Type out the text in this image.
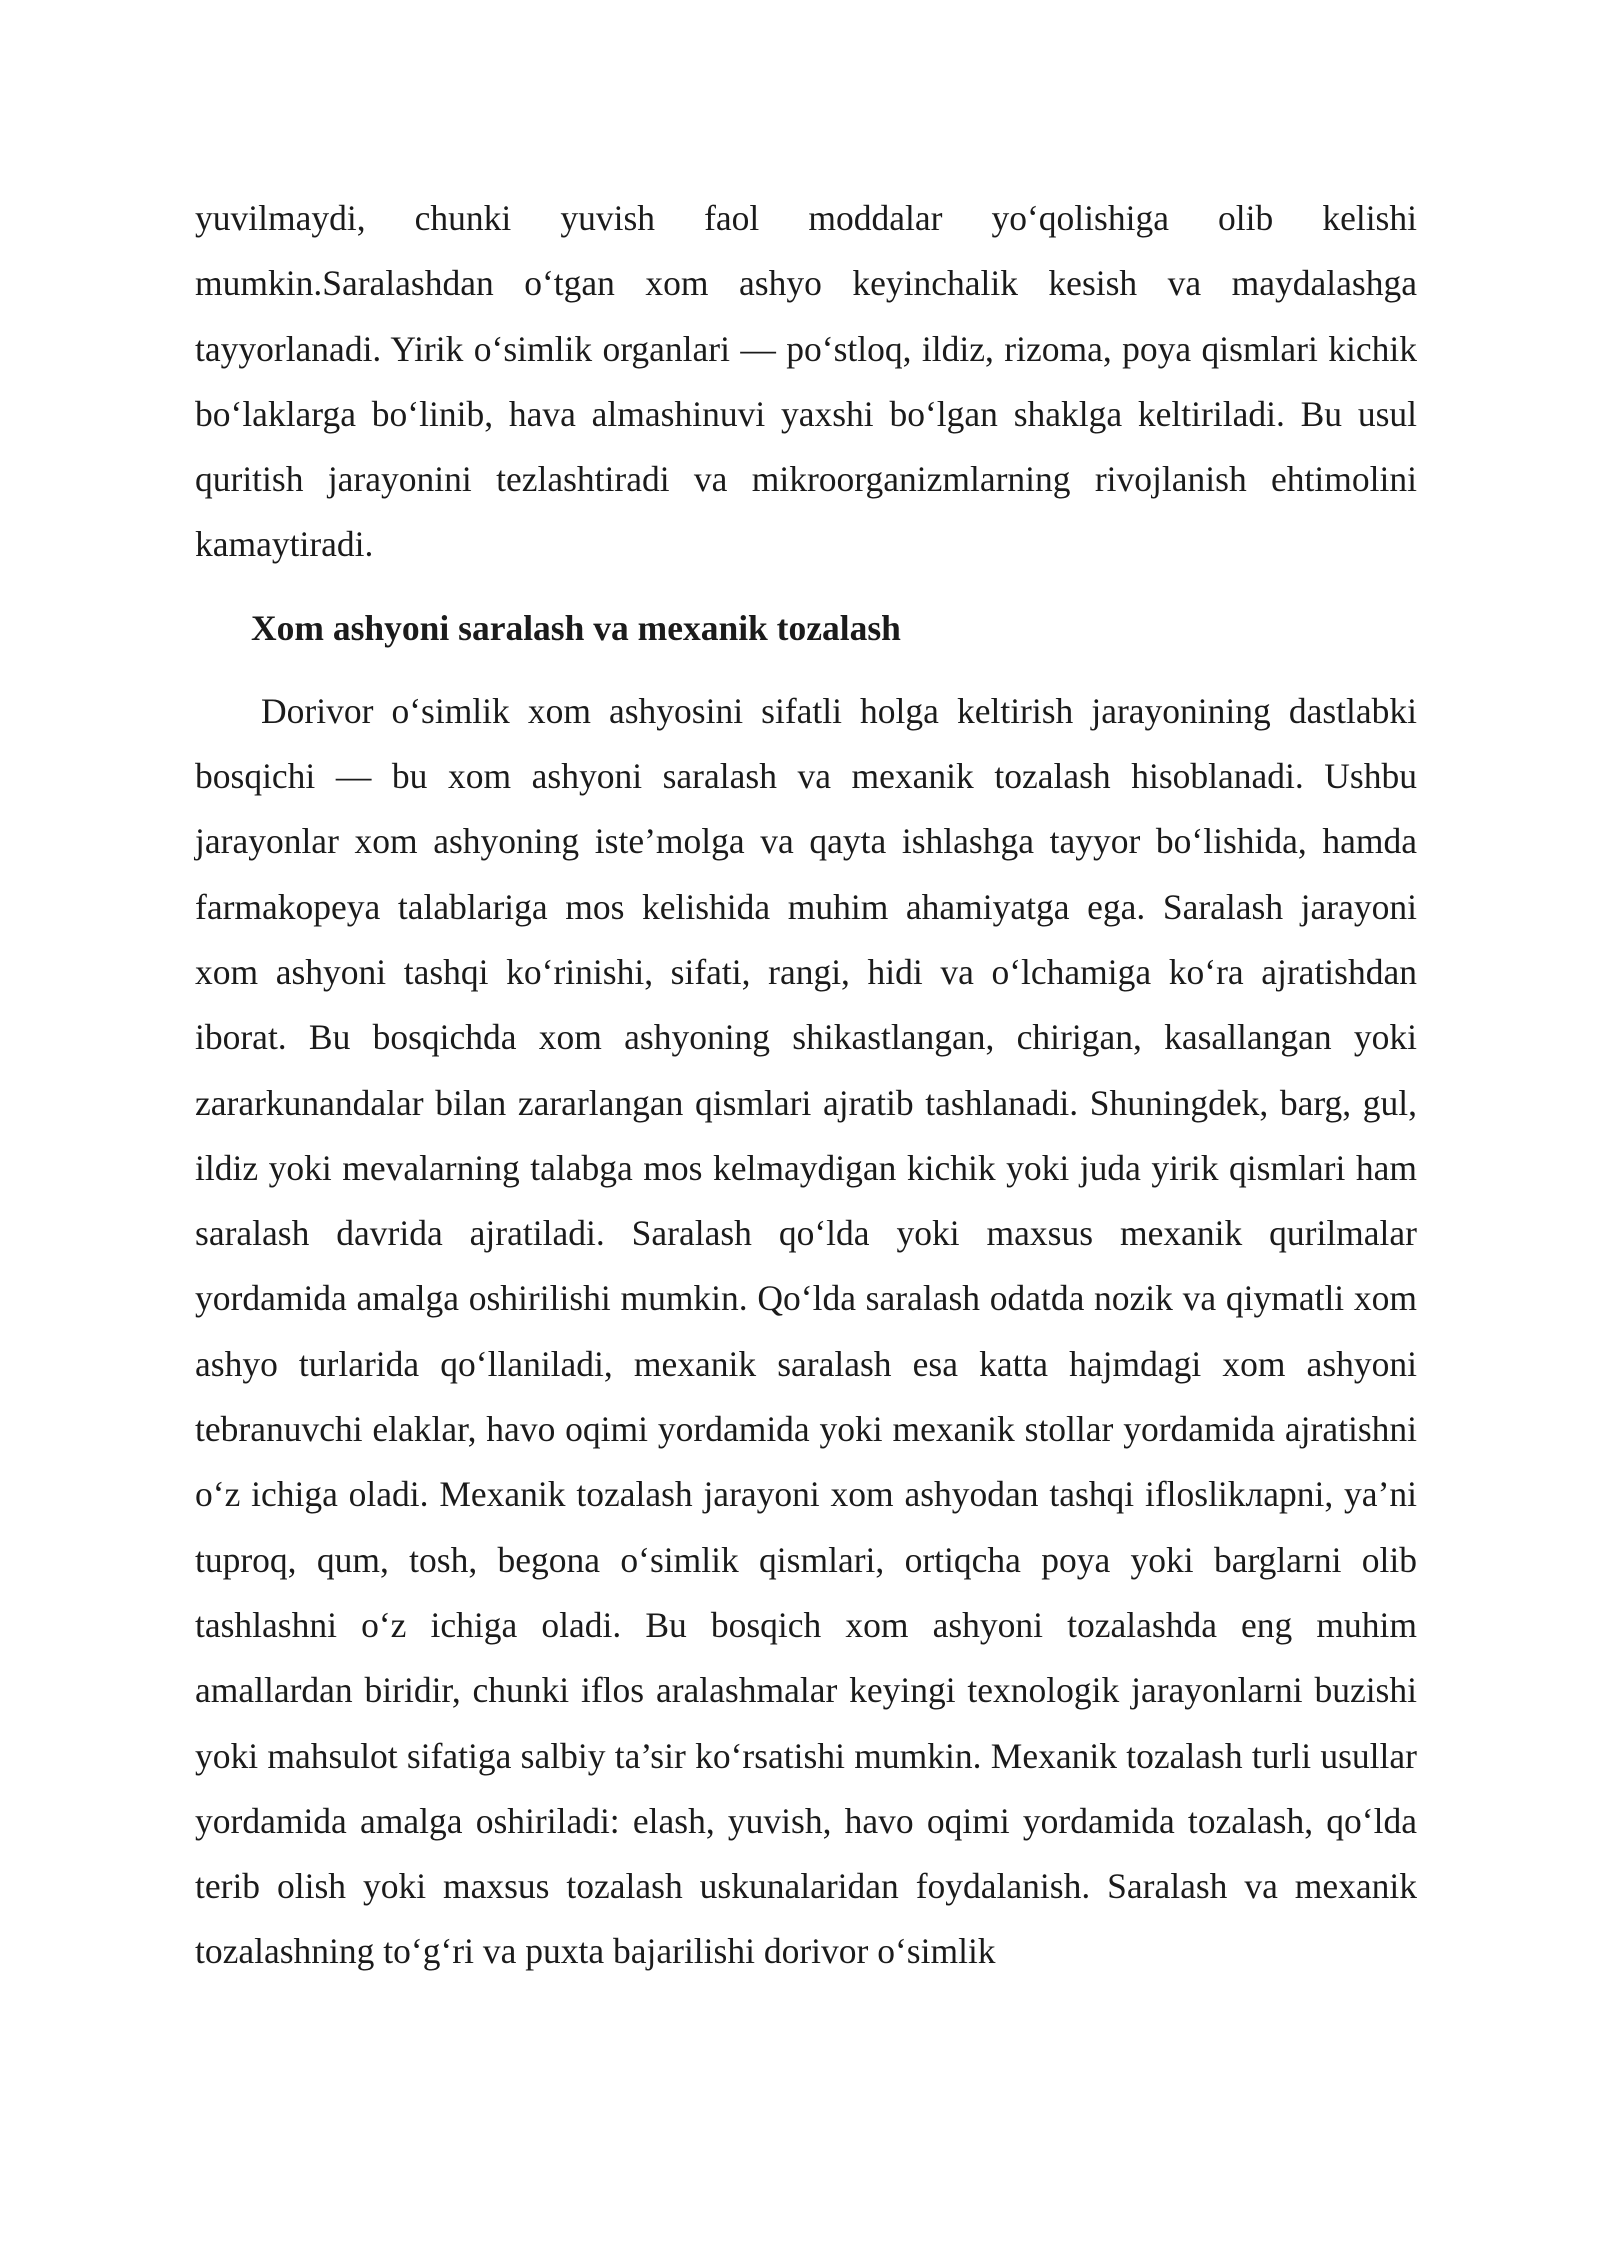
yuvilmaydi, chunki yuvish faol moddalar yo‘qolishiga olib kelishi mumkin.Saralashdan o‘tgan xom ashyo keyinchalik kesish va maydalashga tayyorlanadi. Yirik o‘simlik organlari — po‘stloq, ildiz, rizoma, poya qismlari kichik bo‘laklarga bo‘linib, hava almashinuvi yaxshi bo‘lgan shaklga keltiriladi. Bu usul quritish jarayonini tezlashtiradi va mikroorganizmlarning rivojlanish ehtimolini kamaytiradi.

Xom ashyoni saralash va mexanik tozalash

Dorivor o‘simlik xom ashyosini sifatli holga keltirish jarayonining dastlabki bosqichi — bu xom ashyoni saralash va mexanik tozalash hisoblanadi. Ushbu jarayonlar xom ashyoning iste’molga va qayta ishlashga tayyor bo‘lishida, hamda farmakopeya talablariga mos kelishida muhim ahamiyatga ega. Saralash jarayoni xom ashyoni tashqi ko‘rinishi, sifati, rangi, hidi va o‘lchamiga ko‘ra ajratishdan iborat. Bu bosqichda xom ashyoning shikastlangan, chirigan, kasallangan yoki zararkunandalar bilan zararlangan qismlari ajratib tashlanadi. Shuningdek, barg, gul, ildiz yoki mevalarning talabga mos kelmaydigan kichik yoki juda yirik qismlari ham saralash davrida ajratiladi. Saralash qo‘lda yoki maxsus mexanik qurilmalar yordamida amalga oshirilishi mumkin. Qo‘lda saralash odatda nozik va qiymatli xom ashyo turlarida qo‘llaniladi, mexanik saralash esa katta hajmdagi xom ashyoni tebranuvchi elaklar, havo oqimi yordamida yoki mexanik stollar yordamida ajratishni o‘z ichiga oladi. Mexanik tozalash jarayoni xom ashyodan tashqi ifloslikларni, ya’ni tuproq, qum, tosh, begona o‘simlik qismlari, ortiqcha poya yoki barglarni olib tashlashni o‘z ichiga oladi. Bu bosqich xom ashyoni tozalashda eng muhim amallardan biridir, chunki iflos aralashmalar keyingi texnologik jarayonlarni buzishi yoki mahsulot sifatiga salbiy ta’sir ko‘rsatishi mumkin. Mexanik tozalash turli usullar yordamida amalga oshiriladi: elash, yuvish, havo oqimi yordamida tozalash, qo‘lda terib olish yoki maxsus tozalash uskunalaridan foydalanish. Saralash va mexanik tozalashning to‘g‘ri va puxta bajarilishi dorivor o‘simlik
